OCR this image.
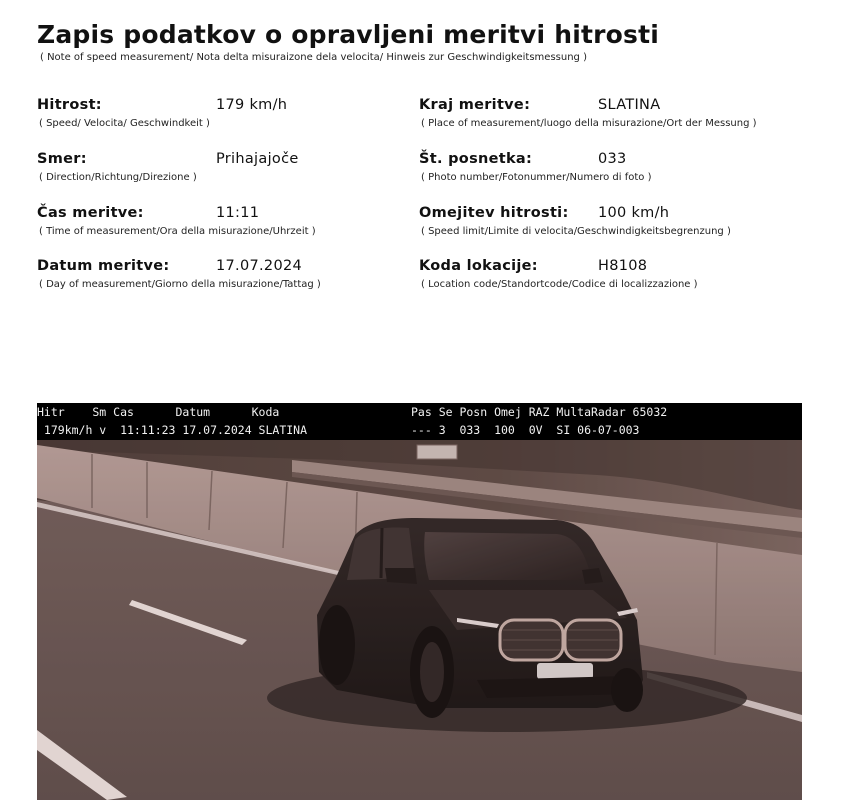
Zapis podatkov o opravljeni meritvi hitrosti
( Note of speed measurement/ Nota delta misuraizone dela velocita/ Hinweis zur Geschwindigkeitsmessung )
Hitrost:	179 km/h
( Speed/ Velocita/ Geschwindkeit )
Kraj meritve:	SLATINA
( Place of measurement/luogo della misurazione/Ort der Messung )
Smer:	Prihajajoče
( Direction/Richtung/Direzione )
Št. posnetka:	033
( Photo number/Fotonummer/Numero di foto )
Čas meritve:	11:11
( Time of measurement/Ora della misurazione/Uhrzeit )
Omejitev hitrosti: 100 km/h
( Speed limit/Limite di velocita/Geschwindigkeitsbegrenzung )
Datum meritve:	17.07.2024
( Day of measurement/Giorno della misurazione/Tattag )
Koda lokacije:	H8108
( Location code/Standortcode/Codice di localizzazione )
Hitr    Sm Cas      Datum      Koda	Pas Se Posn Omej RAZ MultaRadar 65032
179km/h v  11:11:23 17.07.2024 SLATINA	--- 3  033  100  0V  SI 06-07-003
